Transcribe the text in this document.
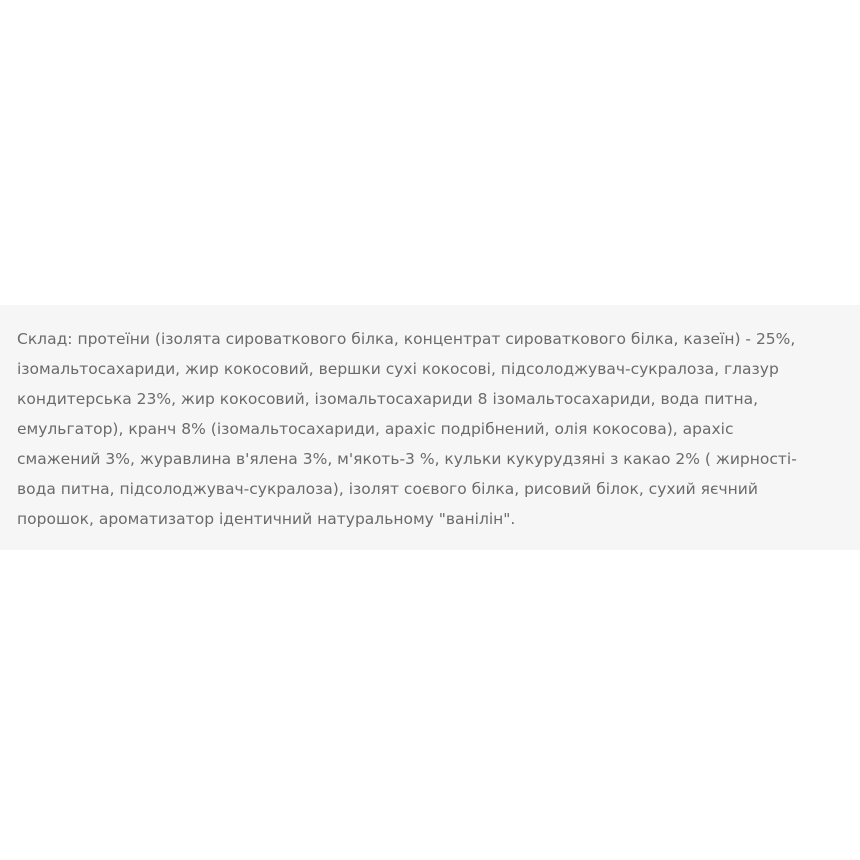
Склад: протеїни (ізолята сироваткового білка, концентрат сироваткового білка, казеїн) - 25%,
ізомальтосахариди, жир кокосовий, вершки сухі кокосові, підсолоджувач-сукралоза, глазур
кондитерська 23%, жир кокосовий, ізомальтосахариди 8 ізомальтосахариди, вода питна,
емульгатор), кранч 8% (ізомальтосахариди, арахіс подрібнений, олія кокосова), арахіс
смажений 3%, журавлина в'ялена 3%, м'якоть-3 %, кульки кукурудзяні з какао 2% ( жирності-
вода питна, підсолоджувач-сукралоза), ізолят соєвого білка, рисовий білок, сухий яєчний
порошок, ароматизатор ідентичний натуральному "ванілін".
